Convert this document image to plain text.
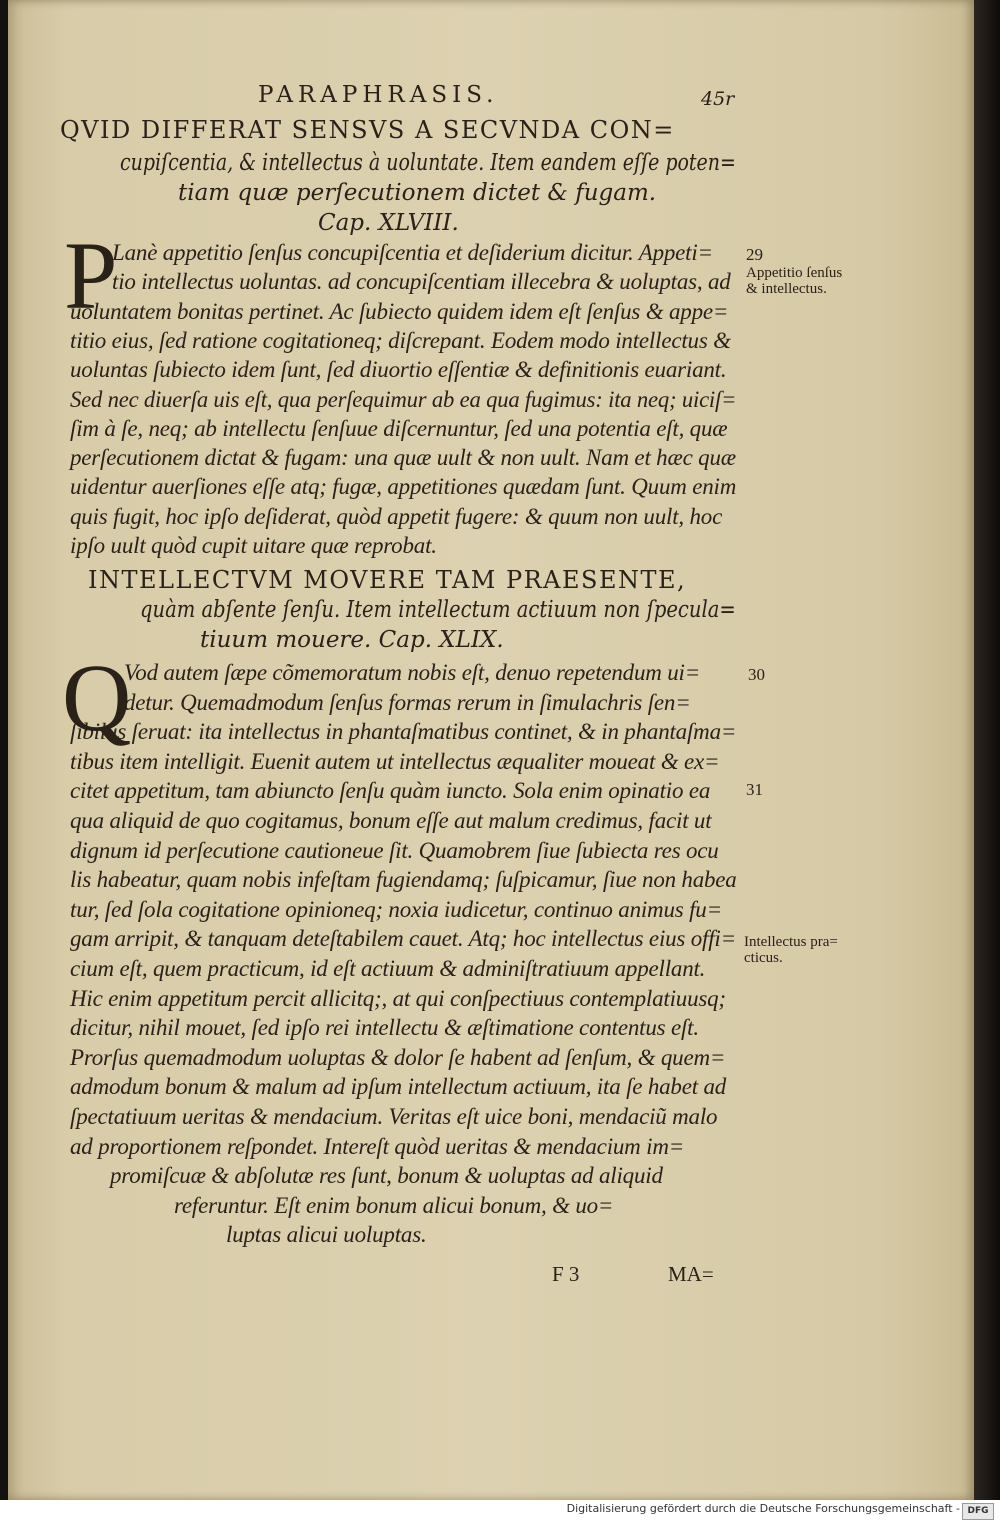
PARAPHRASIS.	45r
QVID DIFFERAT SENSVS A SECVNDA CON=
cupiſcentia, & intellectus à uoluntate. Item eandem eſſe poten=
tiam quæ perſecutionem dictet & fugam.
Cap. XLVIII.
P
Lanè appetitio ſenſus concupiſcentia et deſiderium dicitur. Appeti=
tio intellectus uoluntas. ad concupiſcentiam illecebra & uoluptas, ad
uoluntatem bonitas pertinet. Ac ſubiecto quidem idem eſt ſenſus & appe=
titio eius, ſed ratione cogitationeq; diſcrepant. Eodem modo intellectus &
uoluntas ſubiecto idem ſunt, ſed diuortio eſſentiæ & definitionis euariant.
Sed nec diuerſa uis eſt, qua perſequimur ab ea qua fugimus: ita neq; uiciſ=
ſim à ſe, neq; ab intellectu ſenſuue diſcernuntur, ſed una potentia eſt, quæ
perſecutionem dictat & fugam: una quæ uult & non uult. Nam et hæc quæ
uidentur auerſiones eſſe atq; fugæ, appetitiones quædam ſunt. Quum enim
quis fugit, hoc ipſo deſiderat, quòd appetit fugere: & quum non uult, hoc
ipſo uult quòd cupit uitare quæ reprobat.
INTELLECTVM MOVERE TAM PRAESENTE,
quàm abſente ſenſu. Item intellectum actiuum non ſpecula=
tiuum mouere. Cap. XLIX.
Q
Vod autem ſæpe cõmemoratum nobis eſt, denuo repetendum ui=
detur. Quemadmodum ſenſus formas rerum in ſimulachris ſen=
ſibilus ſeruat: ita intellectus in phantaſmatibus continet, & in phantaſma=
tibus item intelligit. Euenit autem ut intellectus æqualiter moueat & ex=
citet appetitum, tam abiuncto ſenſu quàm iuncto. Sola enim opinatio ea
qua aliquid de quo cogitamus, bonum eſſe aut malum credimus, facit ut
dignum id perſecutione cautioneue ſit. Quamobrem ſiue ſubiecta res ocu
lis habeatur, quam nobis infeſtam fugiendamq; ſuſpicamur, ſiue non habea
tur, ſed ſola cogitatione opinioneq; noxia iudicetur, continuo animus fu=
gam arripit, & tanquam deteſtabilem cauet. Atq; hoc intellectus eius offi=
cium eſt, quem practicum, id eſt actiuum & adminiſtratiuum appellant.
Hic enim appetitum percit allicitq;, at qui conſpectiuus contemplatiuusq;
dicitur, nihil mouet, ſed ipſo rei intellectu & æſtimatione contentus eſt.
Prorſus quemadmodum uoluptas & dolor ſe habent ad ſenſum, & quem=
admodum bonum & malum ad ipſum intellectum actiuum, ita ſe habet ad
ſpectatiuum ueritas & mendacium. Veritas eſt uice boni, mendaciũ malo
ad proportionem reſpondet. Intereſt quòd ueritas & mendacium im=
promiſcuæ & abſolutæ res ſunt, bonum & uoluptas ad aliquid
referuntur. Eſt enim bonum alicui bonum, & uo=
luptas alicui uoluptas.
29
Appetitio ſenſus
& intellectus.
30
31
Intellectus pra=
cticus.
F 3	MA=
Digitalisierung gefördert durch die Deutsche Forschungsgemeinschaft - DFG
